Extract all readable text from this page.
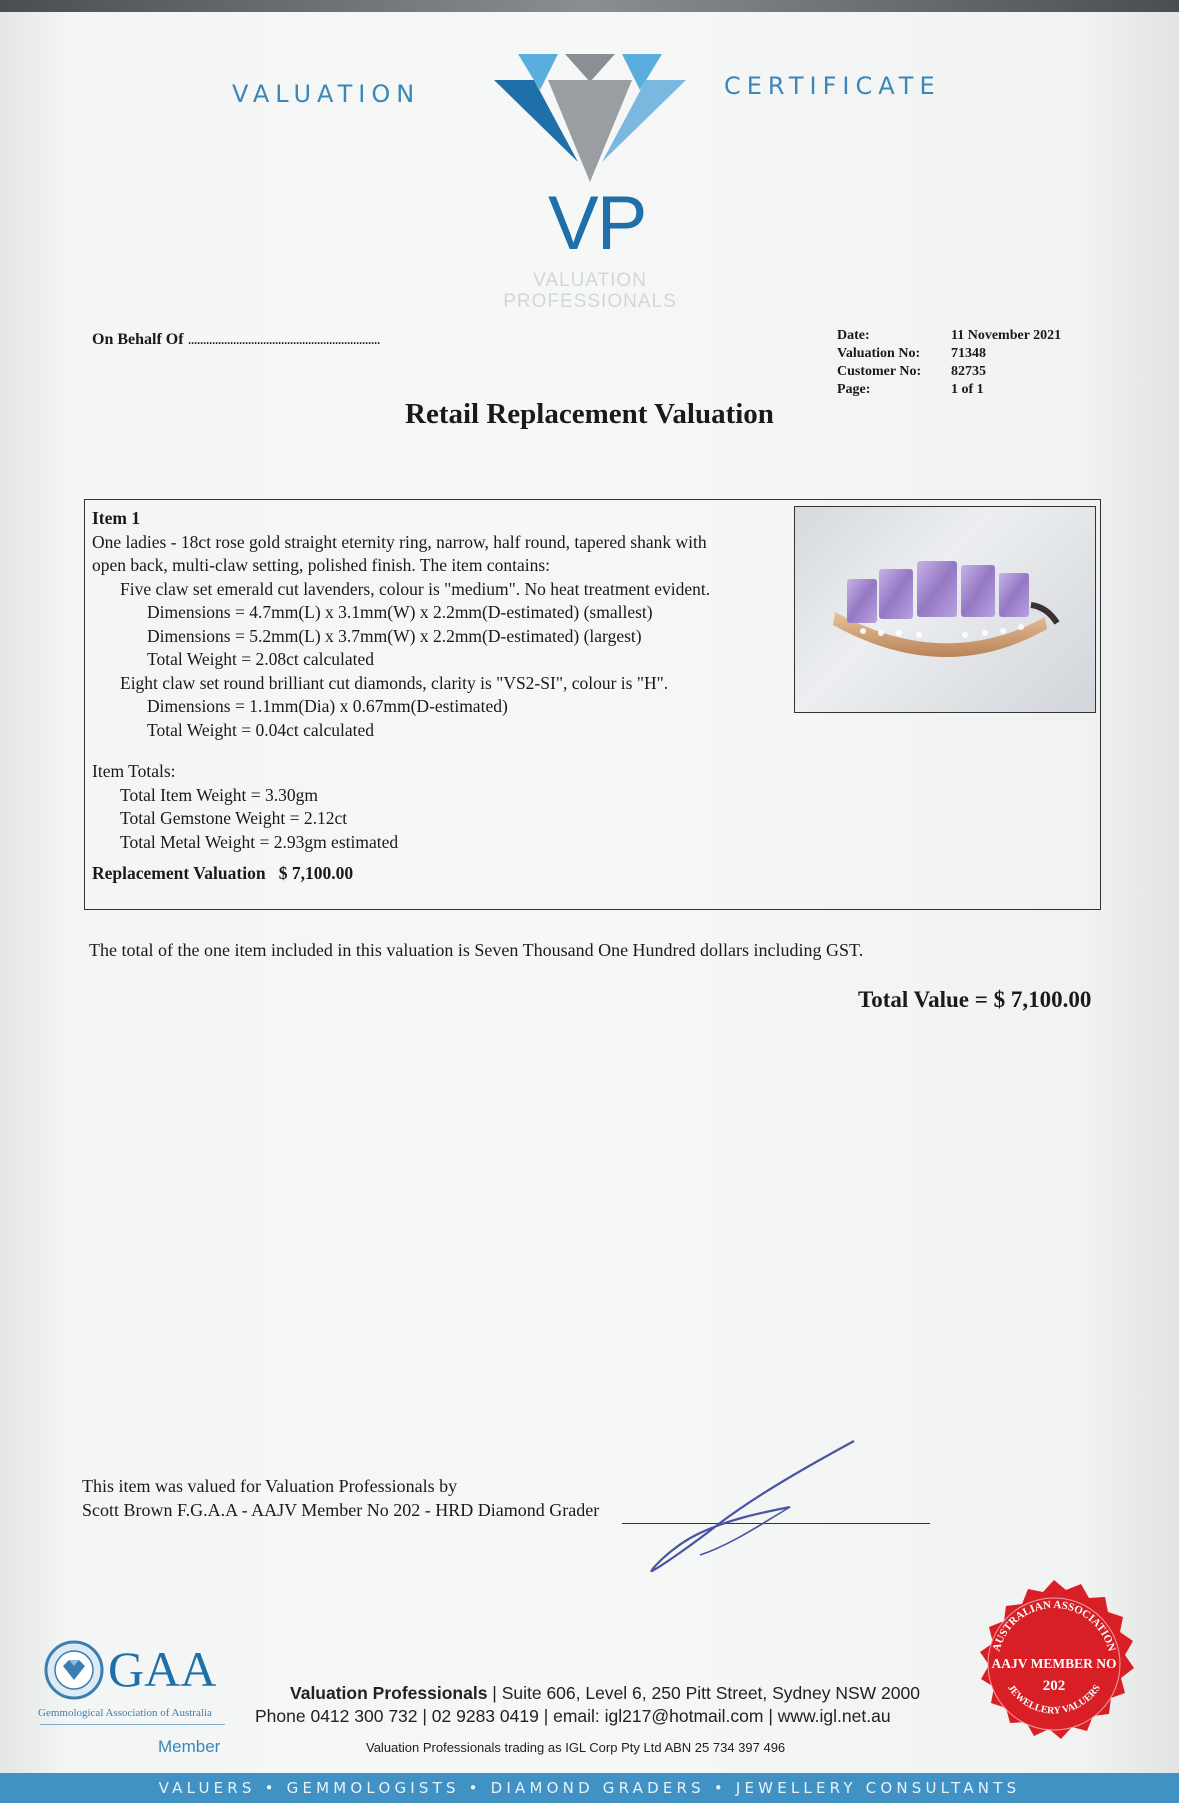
VALUATION	CERTIFICATE
VP
VALUATION
PROFESSIONALS
On Behalf Of ................................................................	Date:	11 November 2021
Valuation No:	71348
Customer No:	82735
Page:	1 of 1
Retail Replacement Valuation
Item 1
One ladies - 18ct rose gold straight eternity ring, narrow, half round, tapered shank with
open back, multi-claw setting, polished finish. The item contains:
Five claw set emerald cut lavenders, colour is "medium". No heat treatment evident.
Dimensions = 4.7mm(L) x 3.1mm(W) x 2.2mm(D-estimated) (smallest)
Dimensions = 5.2mm(L) x 3.7mm(W) x 2.2mm(D-estimated) (largest)
Total Weight = 2.08ct calculated
Eight claw set round brilliant cut diamonds, clarity is "VS2-SI", colour is "H".
Dimensions = 1.1mm(Dia) x 0.67mm(D-estimated)
Total Weight = 0.04ct calculated
Item Totals:
Total Item Weight = 3.30gm
Total Gemstone Weight = 2.12ct
Total Metal Weight = 2.93gm estimated
Replacement Valuation $ 7,100.00
The total of the one item included in this valuation is Seven Thousand One Hundred dollars including GST.
Total Value = $ 7,100.00
This item was valued for Valuation Professionals by
Scott Brown F.G.A.A - AAJV Member No 202 - HRD Diamond Grader
GAA
Gemmological Association of Australia
Member
Valuation Professionals | Suite 606, Level 6, 250 Pitt Street, Sydney NSW 2000
Phone 0412 300 732 | 02 9283 0419 | email: igl217@hotmail.com | www.igl.net.au
Valuation Professionals trading as IGL Corp Pty Ltd ABN 25 734 397 496
AUSTRALIAN ASSOCIATION
AAJV MEMBER NO
202
JEWELLERY VALUERS
VALUERS • GEMMOLOGISTS • DIAMOND GRADERS • JEWELLERY CONSULTANTS
